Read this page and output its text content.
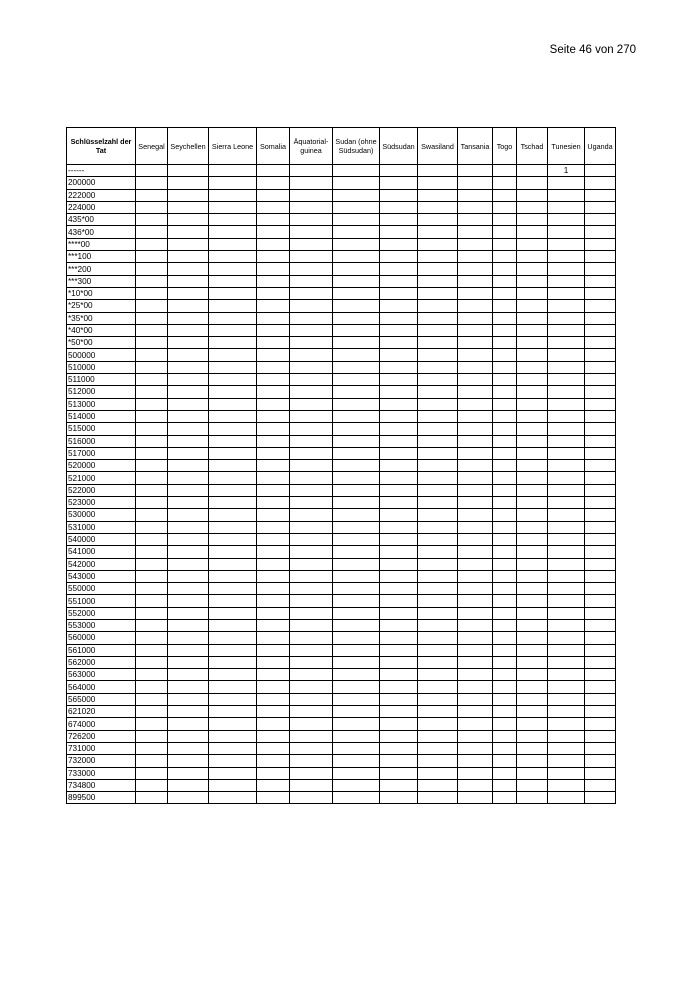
Seite 46 von 270
Schlüsselzahl der Tat	Senegal	Seychellen	Sierra Leone	Somalia	Äquatorial-guinea	Sudan (ohne Südsudan)	Südsudan	Swasiland	Tansania	Togo	Tschad	Tunesien	Uganda
------												1	
200000													
222000													
224000													
435*00													
436*00													
****00													
***100													
***200													
***300													
*10*00													
*25*00													
*35*00													
*40*00													
*50*00													
500000													
510000													
511000													
512000													
513000													
514000													
515000													
516000													
517000													
520000													
521000													
522000													
523000													
530000													
531000													
540000													
541000													
542000													
543000													
550000													
551000													
552000													
553000													
560000													
561000													
562000													
563000													
564000													
565000													
621020													
674000													
726200													
731000													
732000													
733000													
734800													
899500													
